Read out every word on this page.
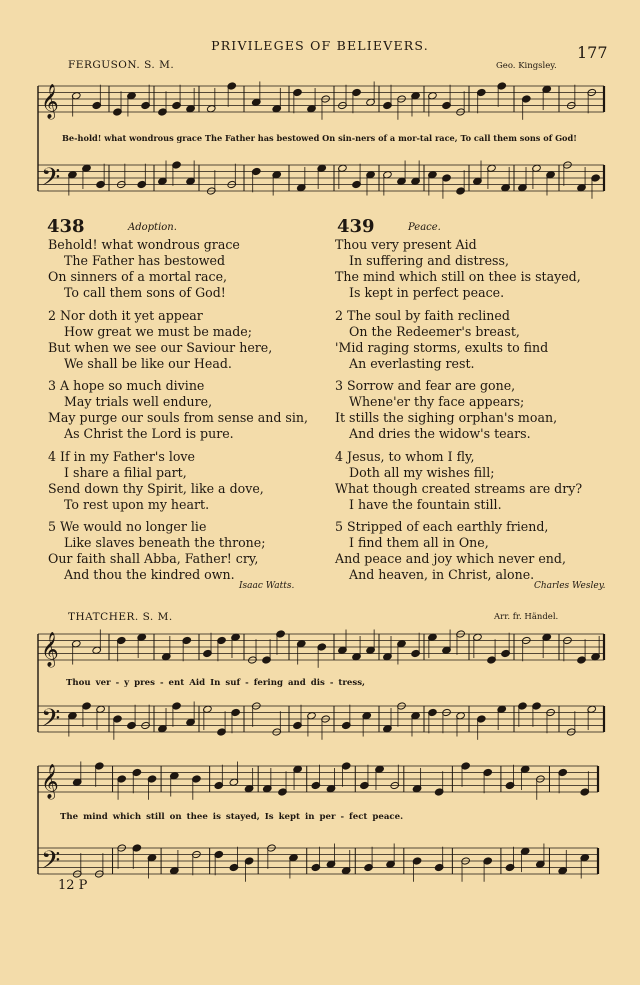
PRIVILEGES OF BELIEVERS.	177
FERGUSON. S. M.	Geo. Kingsley.
Be-hold! what wondrous grace The Father has bestowed On sin-ners of a mor-tal race, To call them sons of God!
THATCHER. S. M.	Arr. fr. Händel.
Thou ver - y pres - ent Aid In suf - fering and dis - tress,
The mind which still on thee is stayed, Is kept in per - fect peace.
438	Adoption.
Behold! what wondrous grace
The Father has bestowed
On sinners of a mortal race,
To call them sons of God!
2 Nor doth it yet appear
How great we must be made;
But when we see our Saviour here,
We shall be like our Head.
3 A hope so much divine
May trials well endure,
May purge our souls from sense and sin,
As Christ the Lord is pure.
4 If in my Father's love
I share a filial part,
Send down thy Spirit, like a dove,
To rest upon my heart.
5 We would no longer lie
Like slaves beneath the throne;
Our faith shall Abba, Father! cry,
And thou the kindred own.
Isaac Watts.
439	Peace.
Thou very present Aid
In suffering and distress,
The mind which still on thee is stayed,
Is kept in perfect peace.
2 The soul by faith reclined
On the Redeemer's breast,
'Mid raging storms, exults to find
An everlasting rest.
3 Sorrow and fear are gone,
Whene'er thy face appears;
It stills the sighing orphan's moan,
And dries the widow's tears.
4 Jesus, to whom I fly,
Doth all my wishes fill;
What though created streams are dry?
I have the fountain still.
5 Stripped of each earthly friend,
I find them all in One,
And peace and joy which never end,
And heaven, in Christ, alone.
Charles Wesley.
𝄞
𝄢
𝄞
𝄢
𝄞
𝄢
12 P
